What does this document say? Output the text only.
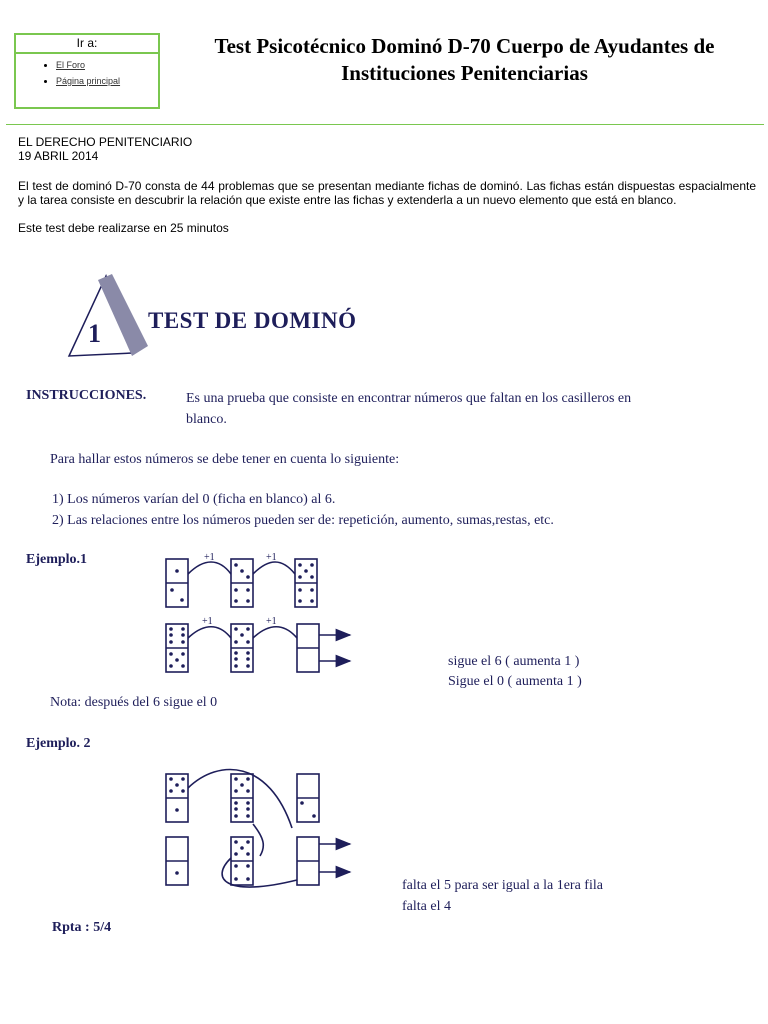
Ir a:
• El Foro
• Página principal
Test Psicotécnico Dominó D-70 Cuerpo de Ayudantes de Instituciones Penitenciarias

EL DERECHO PENITENCIARIO

19 ABRIL 2014

El test de dominó D-70 consta de 44 problemas que se presentan mediante fichas de dominó. Las fichas están dispuestas espacialmente y la tarea consiste en descubrir la relación que existe entre las fichas y extenderla a un nuevo elemento que está en blanco.

Este test debe realizarse en 25 minutos

1
+1	+1
+1	+1
TEST DE DOMINÓ
INSTRUCCIONES.	Es una prueba que consiste en encontrar números que faltan en los casilleros en blanco.
Para hallar estos números se debe tener en cuenta lo siguiente:
1) Los números varían del 0 (ficha en blanco) al 6.
2) Las relaciones entre los números pueden ser de: repetición, aumento, sumas,restas, etc.
Ejemplo.1
sigue el 6 ( aumenta 1 )
Sigue el 0 ( aumenta 1 )
Nota: después del 6 sigue el 0
Ejemplo. 2
falta el 5 para ser igual a la 1era fila
falta el 4
Rpta : 5/4
